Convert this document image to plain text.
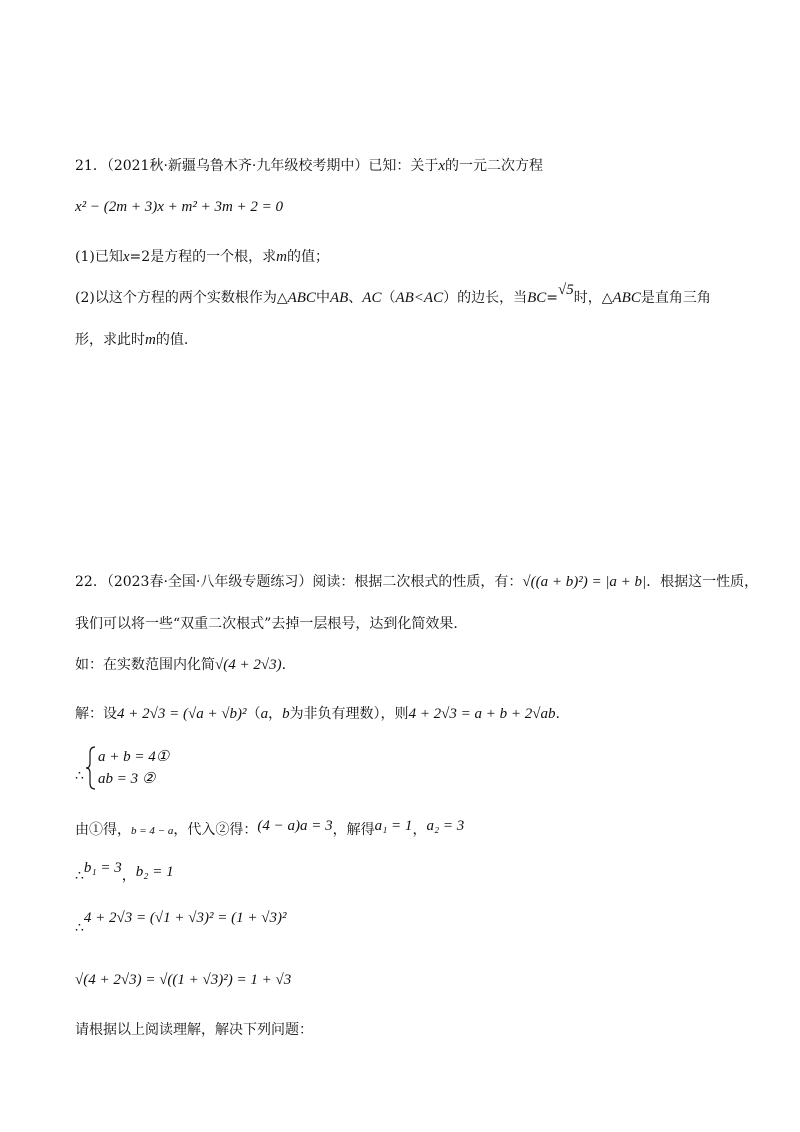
21．（2021秋·新疆乌鲁木齐·九年级校考期中）已知：关于x的一元二次方程
x² − (2m + 3)x + m² + 3m + 2 = 0
(1)已知x=2是方程的一个根，求m的值；
(2)以这个方程的两个实数根作为△ABC中AB、AC（AB<AC）的边长，当BC=√5时，△ABC是直角三角
形，求此时m的值.
22．（2023春·全国·八年级专题练习）阅读：根据二次根式的性质，有：√((a + b)²) = |a + b|．根据这一性质，
我们可以将一些“双重二次根式”去掉一层根号，达到化简效果.
如：在实数范围内化简√(4 + 2√3).
解：设4 + 2√3 = (√a + √b)²（a，b为非负有理数），则4 + 2√3 = a + b + 2√ab.
∴
a + b = 4①
ab = 3 ②
由①得，b = 4 − a，代入②得：(4 − a)a = 3，解得a₁ = 1，a₂ = 3
∴b₁ = 3，b₂ = 1
∴4 + 2√3 = (√1 + √3)² = (1 + √3)²
√(4 + 2√3) = √((1 + √3)²) = 1 + √3
请根据以上阅读理解，解决下列问题：
